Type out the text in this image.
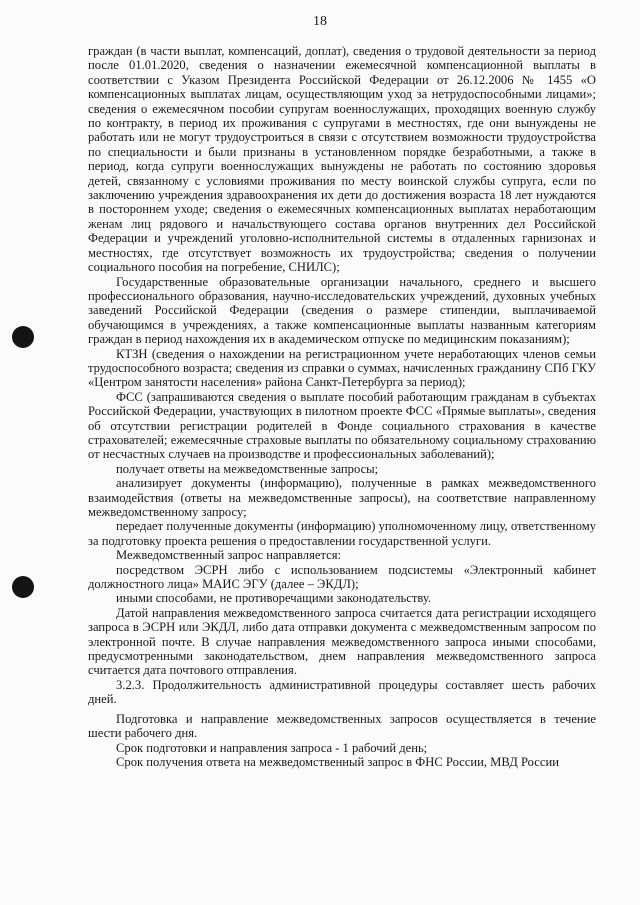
18

граждан (в части выплат, компенсаций, доплат), сведения о трудовой деятельности за период после 01.01.2020, сведения о назначении ежемесячной компенсационной выплаты в соответствии с Указом Президента Российской Федерации от 26.12.2006 № 1455 «О компенсационных выплатах лицам, осуществляющим уход за нетрудоспособными лицами»; сведения о ежемесячном пособии супругам военнослужащих, проходящих военную службу по контракту, в период их проживания с супругами в местностях, где они вынуждены не работать или не могут трудоустроиться в связи с отсутствием возможности трудоустройства по специальности и были признаны в установленном порядке безработными, а также в период, когда супруги военнослужащих вынуждены не работать по состоянию здоровья детей, связанному с условиями проживания по месту воинской службы супруга, если по заключению учреждения здравоохранения их дети до достижения возраста 18 лет нуждаются в постороннем уходе; сведения о ежемесячных компенсационных выплатах неработающим женам лиц рядового и начальствующего состава органов внутренних дел Российской Федерации и учреждений уголовно-исполнительной системы в отдаленных гарнизонах и местностях, где отсутствует возможность их трудоустройства; сведения о получении социального пособия на погребение, СНИЛС);

Государственные образовательные организации начального, среднего и высшего профессионального образования, научно-исследовательских учреждений, духовных учебных заведений Российской Федерации (сведения о размере стипендии, выплачиваемой обучающимся в учреждениях, а также компенсационные выплаты названным категориям граждан в период нахождения их в академическом отпуске по медицинским показаниям);

КТЗН (сведения о нахождении на регистрационном учете неработающих членов семьи трудоспособного возраста; сведения из справки о суммах, начисленных гражданину СПб ГКУ «Центром занятости населения» района Санкт-Петербурга за период);

ФСС (запрашиваются сведения о выплате пособий работающим гражданам в субъектах Российской Федерации, участвующих в пилотном проекте ФСС «Прямые выплаты», сведения об отсутствии регистрации родителей в Фонде социального страхования в качестве страхователей; ежемесячные страховые выплаты по обязательному социальному страхованию от несчастных случаев на производстве и профессиональных заболеваний);

получает ответы на межведомственные запросы;

анализирует документы (информацию), полученные в рамках межведомственного взаимодействия (ответы на межведомственные запросы), на соответствие направленному межведомственному запросу;

передает полученные документы (информацию) уполномоченному лицу, ответственному за подготовку проекта решения о предоставлении государственной услуги.

Межведомственный запрос направляется:

посредством ЭСРН либо с использованием подсистемы «Электронный кабинет должностного лица» МАИС ЭГУ (далее – ЭКДЛ);

иными способами, не противоречащими законодательству.

Датой направления межведомственного запроса считается дата регистрации исходящего запроса в ЭСРН или ЭКДЛ, либо дата отправки документа с межведомственным запросом по электронной почте. В случае направления межведомственного запроса иными способами, предусмотренными законодательством, днем направления межведомственного запроса считается дата почтового отправления.

3.2.3. Продолжительность административной процедуры составляет шесть рабочих дней.

Подготовка и направление межведомственных запросов осуществляется в течение шести рабочего дня.

Срок подготовки и направления запроса - 1 рабочий день;

Срок получения ответа на межведомственный запрос в ФНС России, МВД России
